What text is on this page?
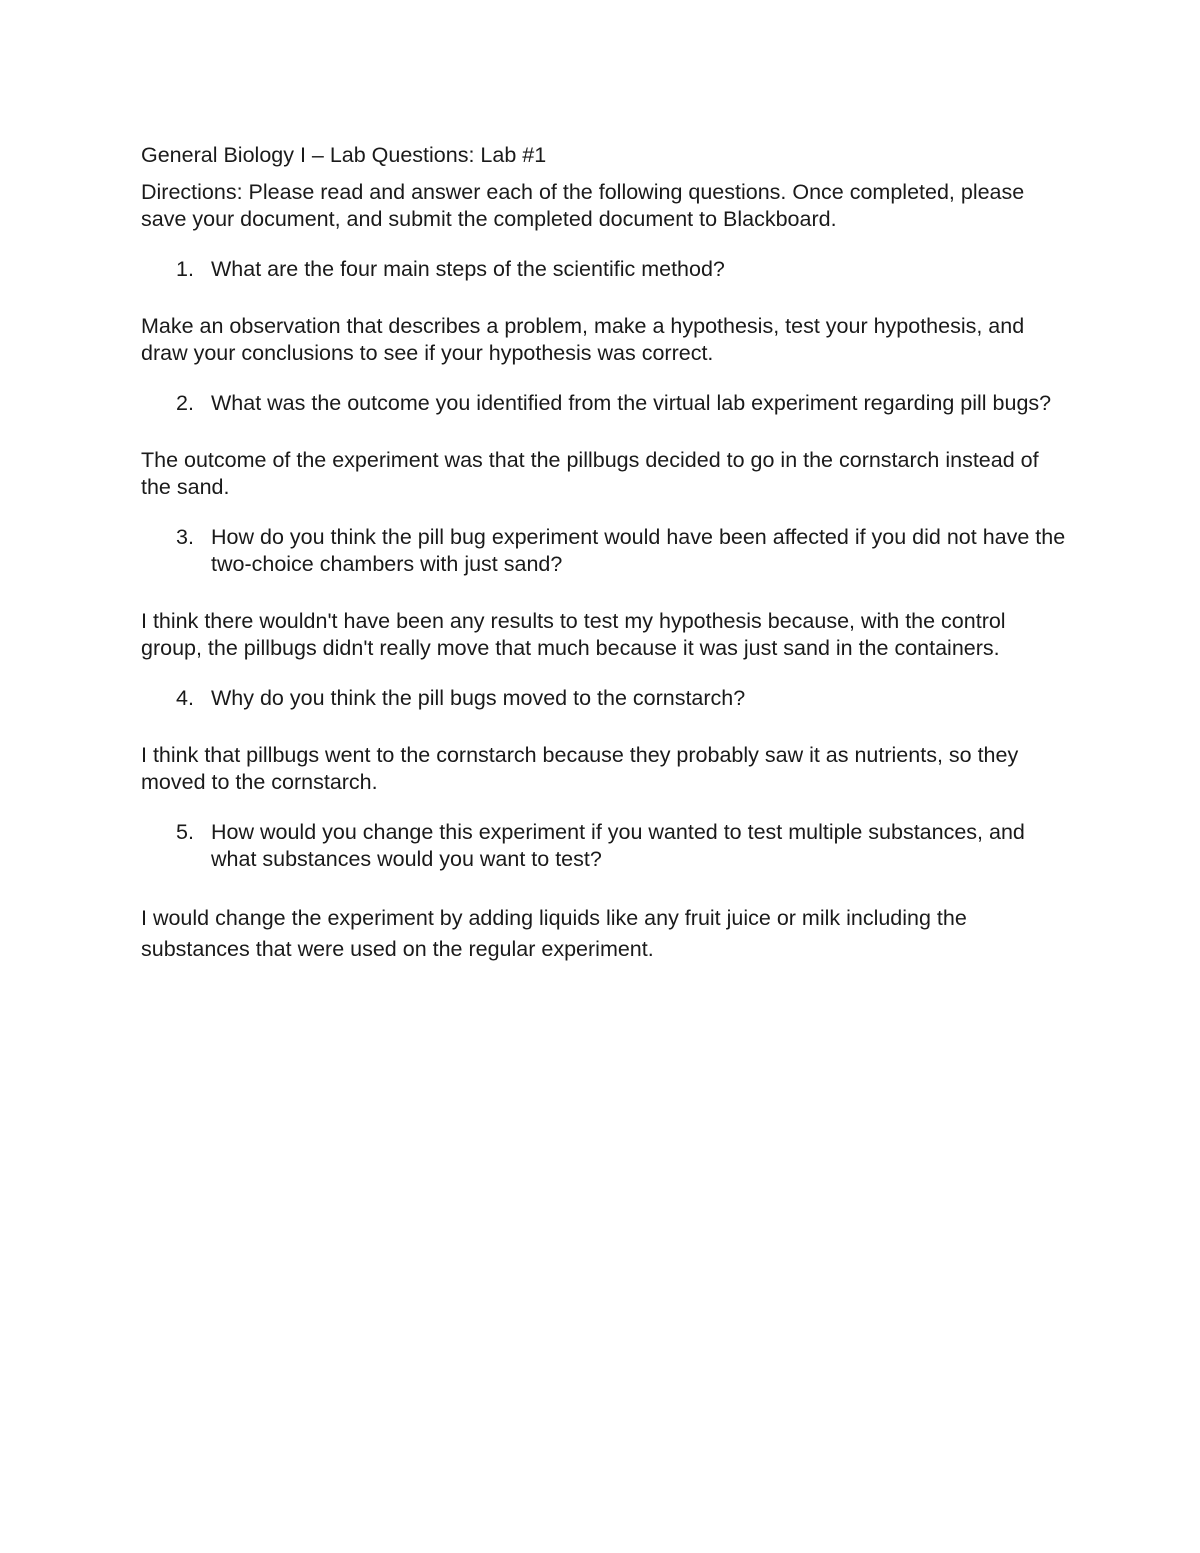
General Biology I – Lab Questions: Lab #1

Directions: Please read and answer each of the following questions. Once completed, please save your document, and submit the completed document to Blackboard.

1. What are the four main steps of the scientific method?

Make an observation that describes a problem, make a hypothesis, test your hypothesis, and draw your conclusions to see if your hypothesis was correct.

2. What was the outcome you identified from the virtual lab experiment regarding pill bugs?

The outcome of the experiment was that the pillbugs decided to go in the cornstarch instead of the sand.

3. How do you think the pill bug experiment would have been affected if you did not have the two-choice chambers with just sand?

I think there wouldn't have been any results to test my hypothesis because, with the control group, the pillbugs didn't really move that much because it was just sand in the containers.

4. Why do you think the pill bugs moved to the cornstarch?

I think that pillbugs went to the cornstarch because they probably saw it as nutrients, so they moved to the cornstarch.

5. How would you change this experiment if you wanted to test multiple substances, and what substances would you want to test?

I would change the experiment by adding liquids like any fruit juice or milk including the substances that were used on the regular experiment.
